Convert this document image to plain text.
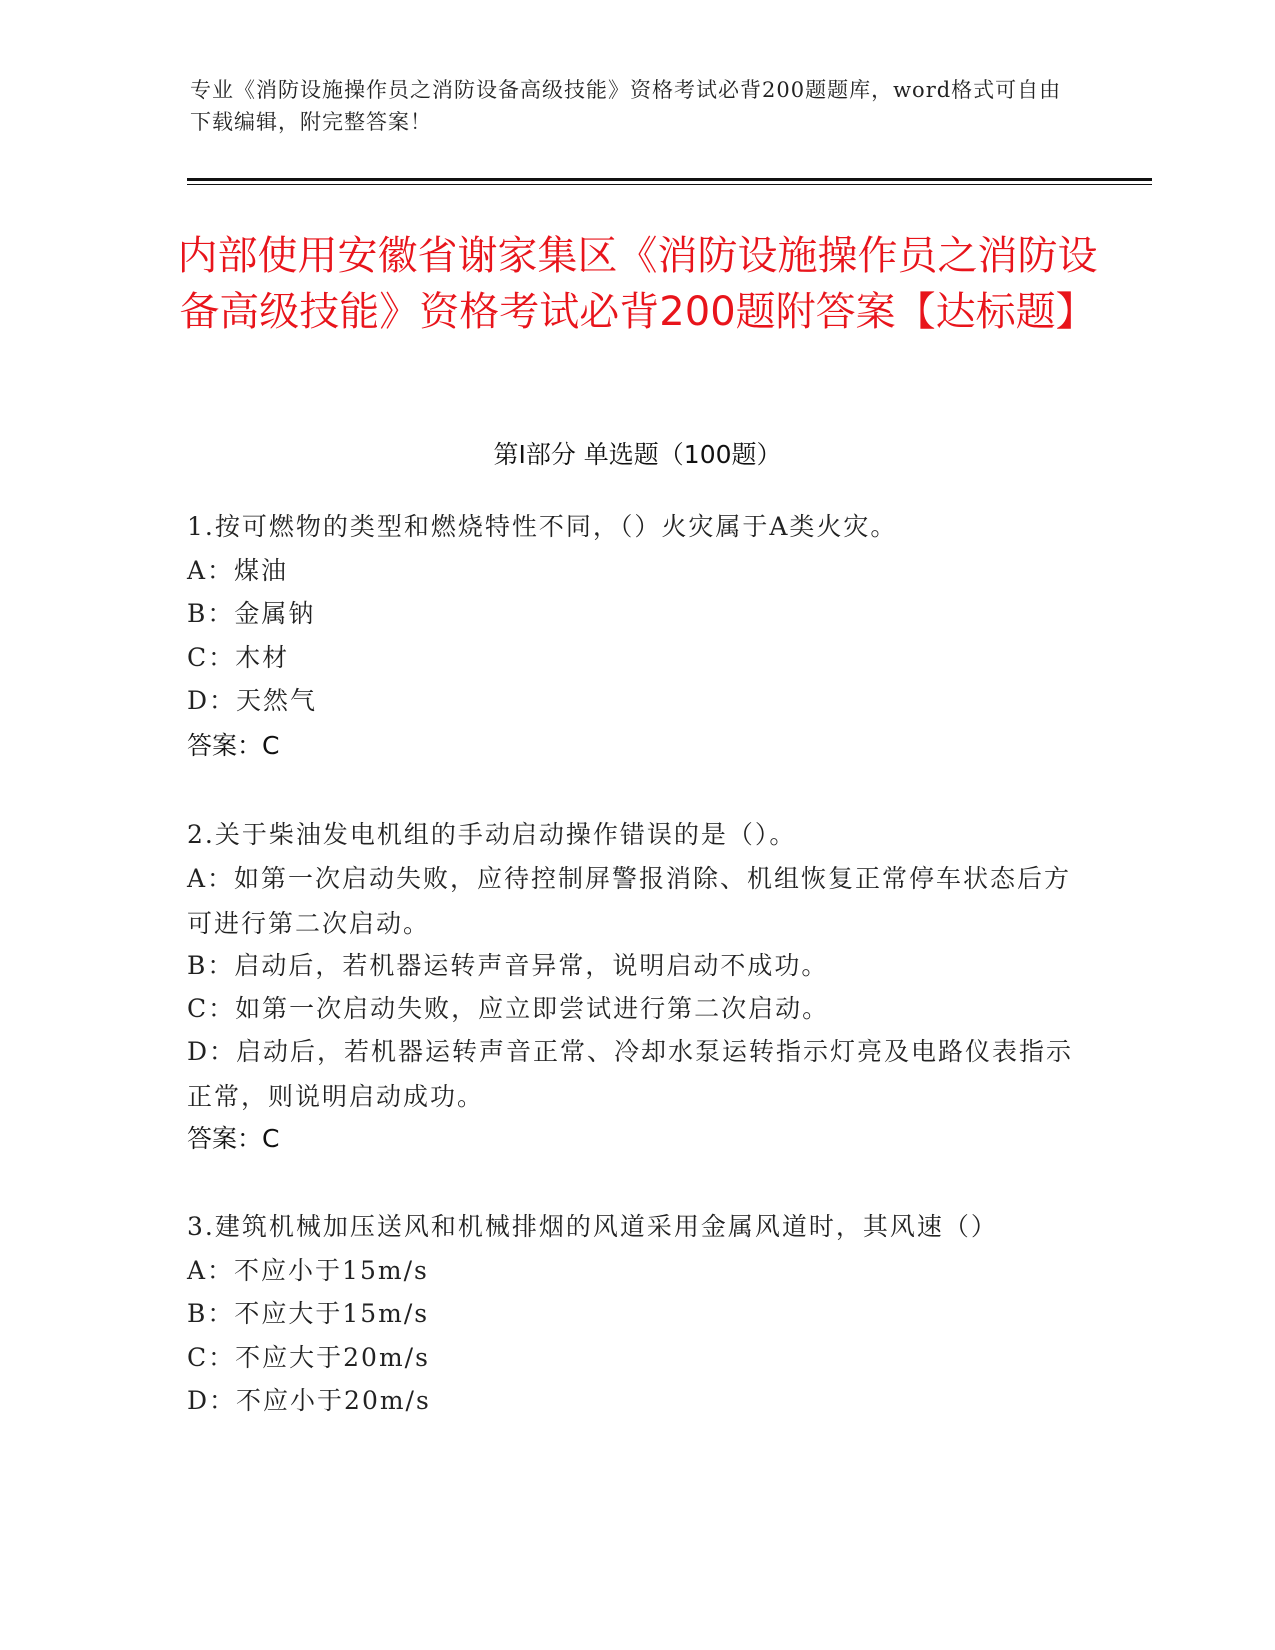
专业《消防设施操作员之消防设备高级技能》资格考试必背200题题库，word格式可自由下载编辑，附完整答案！
内部使用安徽省谢家集区《消防设施操作员之消防设备高级技能》资格考试必背200题附答案【达标题】
第I部分 单选题（100题）
1.按可燃物的类型和燃烧特性不同，（）火灾属于A类火灾。
A：煤油
B：金属钠
C：木材
D：天然气
答案：C
2.关于柴油发电机组的手动启动操作错误的是（）。
A：如第一次启动失败，应待控制屏警报消除、机组恢复正常停车状态后方可进行第二次启动。
B：启动后，若机器运转声音异常，说明启动不成功。
C：如第一次启动失败，应立即尝试进行第二次启动。
D：启动后，若机器运转声音正常、冷却水泵运转指示灯亮及电路仪表指示正常，则说明启动成功。
答案：C
3.建筑机械加压送风和机械排烟的风道采用金属风道时，其风速（）
A：不应小于15m/s
B：不应大于15m/s
C：不应大于20m/s
D：不应小于20m/s
